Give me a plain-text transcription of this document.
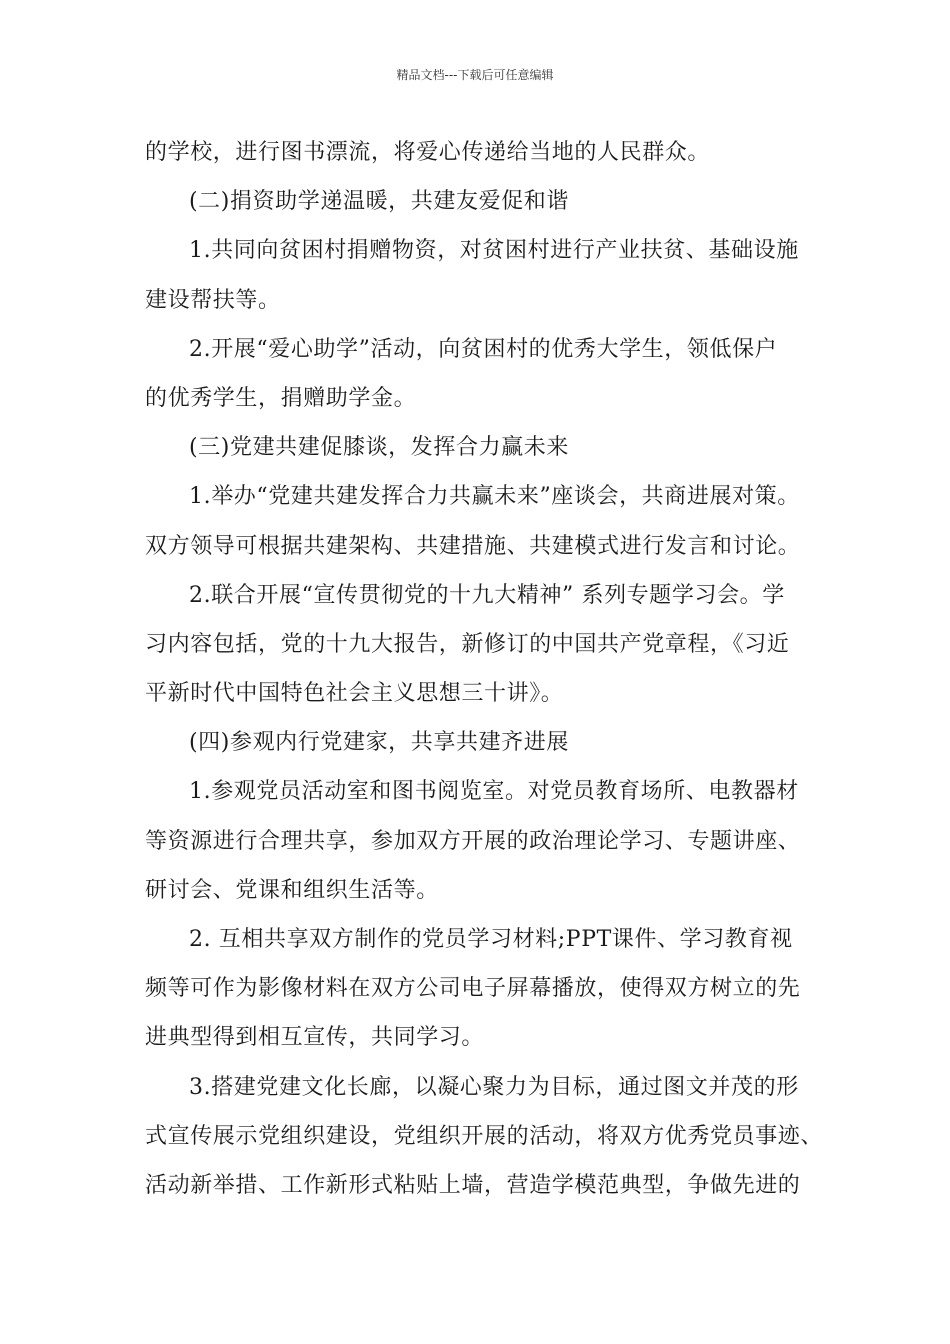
精品文档---下载后可任意编辑
的学校，进行图书漂流，将爱心传递给当地的人民群众。
(二)捐资助学递温暖，共建友爱促和谐
1.共同向贫困村捐赠物资，对贫困村进行产业扶贫、基础设施
建设帮扶等。
2.开展“爱心助学”活动，向贫困村的优秀大学生，领低保户
的优秀学生，捐赠助学金。
(三)党建共建促膝谈，发挥合力赢未来
1.举办“党建共建发挥合力共赢未来”座谈会，共商进展对策。
双方领导可根据共建架构、共建措施、共建模式进行发言和讨论。
2.联合开展“宣传贯彻党的十九大精神” 系列专题学习会。学
习内容包括，党的十九大报告，新修订的中国共产党章程，《习近
平新时代中国特色社会主义思想三十讲》。
(四)参观内行党建家，共享共建齐进展
1.参观党员活动室和图书阅览室。对党员教育场所、电教器材
等资源进行合理共享，参加双方开展的政治理论学习、专题讲座、
研讨会、党课和组织生活等。
2. 互相共享双方制作的党员学习材料;PPT课件、学习教育视
频等可作为影像材料在双方公司电子屏幕播放，使得双方树立的先
进典型得到相互宣传，共同学习。
3.搭建党建文化长廊，以凝心聚力为目标，通过图文并茂的形
式宣传展示党组织建设，党组织开展的活动，将双方优秀党员事迹、
活动新举措、工作新形式粘贴上墙，营造学模范典型，争做先进的
